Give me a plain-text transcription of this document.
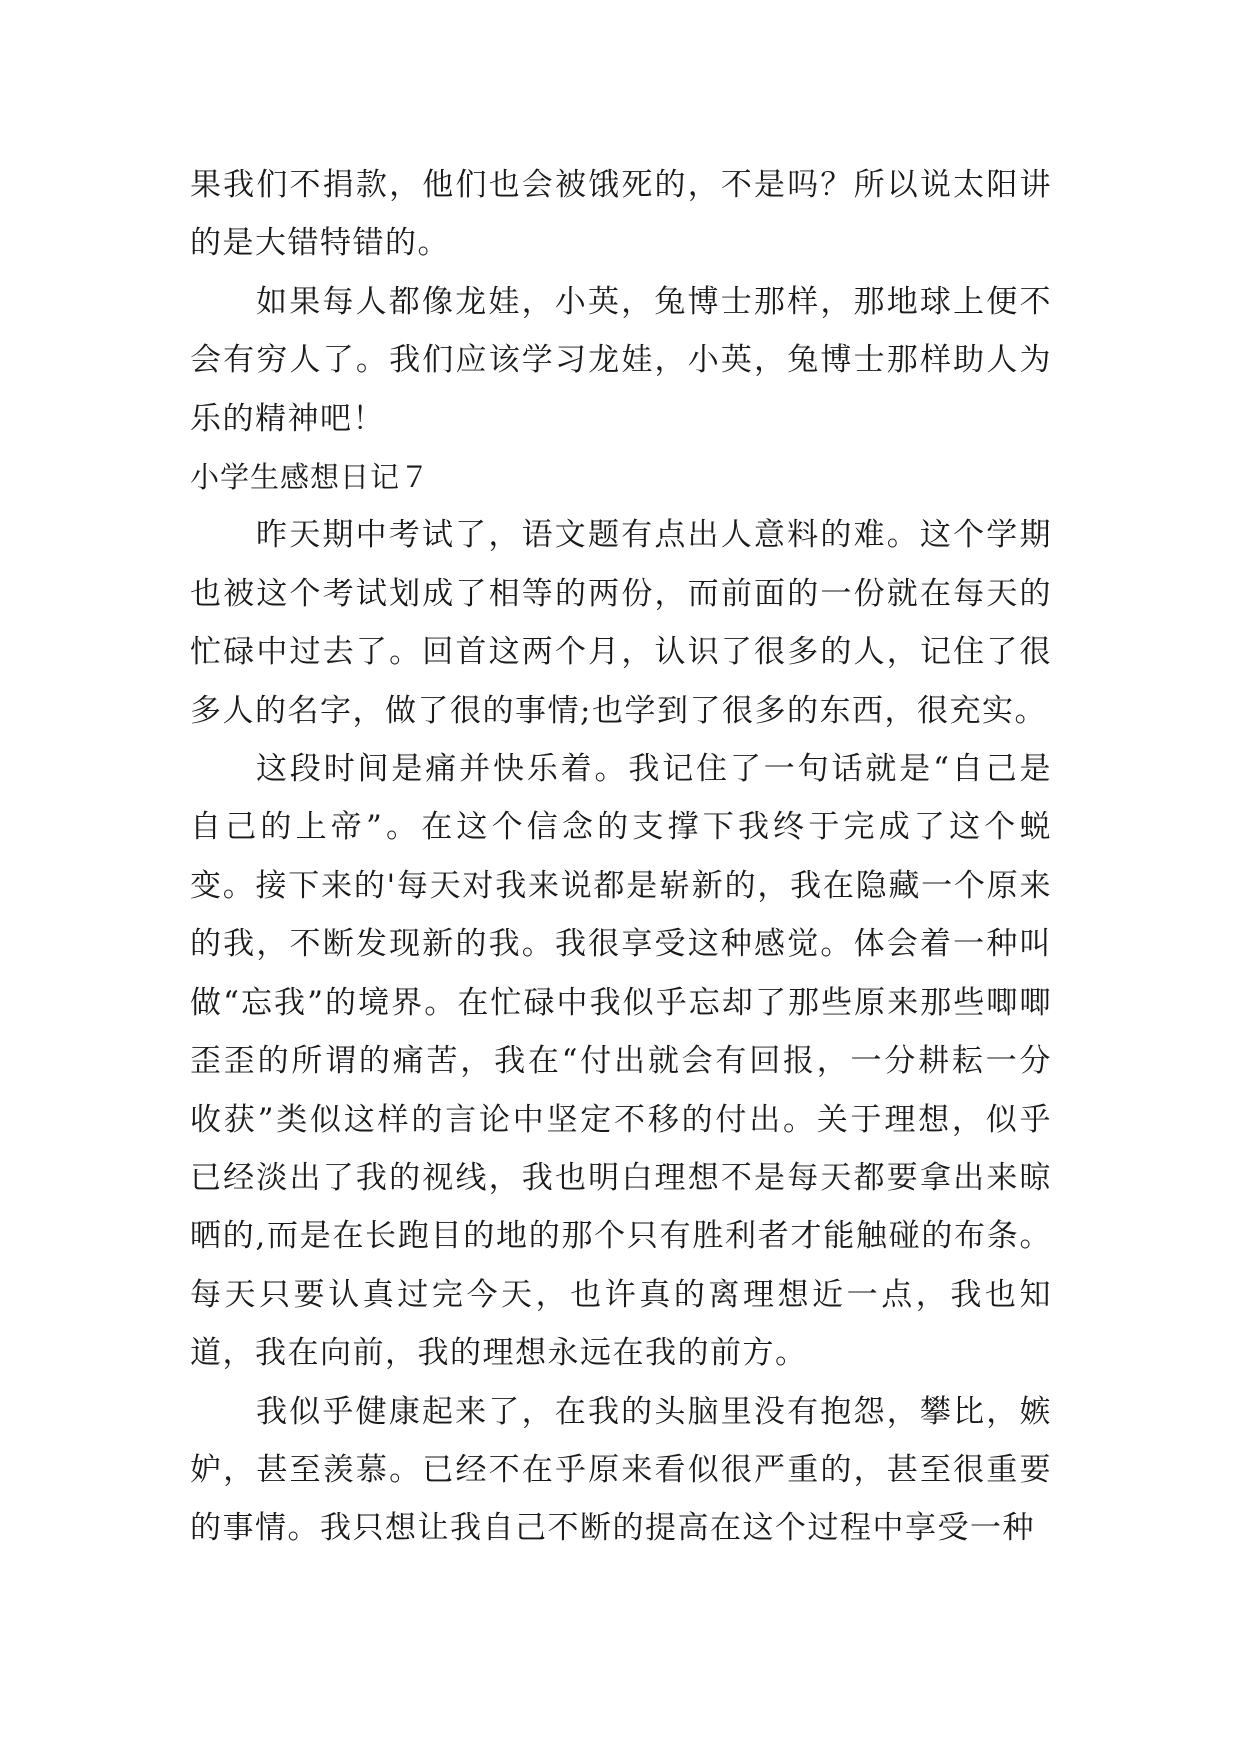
果我们不捐款，他们也会被饿死的，不是吗？所以说太阳讲的是大错特错的。

如果每人都像龙娃，小英，兔博士那样，那地球上便不会有穷人了。我们应该学习龙娃，小英，兔博士那样助人为乐的精神吧！

小学生感想日记７

昨天期中考试了，语文题有点出人意料的难。这个学期也被这个考试划成了相等的两份，而前面的一份就在每天的忙碌中过去了。回首这两个月，认识了很多的人，记住了很多人的名字，做了很的事情;也学到了很多的东西，很充实。

这段时间是痛并快乐着。我记住了一句话就是“自己是自己的上帝”。在这个信念的支撑下我终于完成了这个蜕变。接下来的'每天对我来说都是崭新的，我在隐藏一个原来的我，不断发现新的我。我很享受这种感觉。体会着一种叫做“忘我”的境界。在忙碌中我似乎忘却了那些原来那些唧唧歪歪的所谓的痛苦，我在“付出就会有回报，一分耕耘一分收获”类似这样的言论中坚定不移的付出。关于理想，似乎已经淡出了我的视线，我也明白理想不是每天都要拿出来晾晒的,而是在长跑目的地的那个只有胜利者才能触碰的布条。每天只要认真过完今天，也许真的离理想近一点，我也知道，我在向前，我的理想永远在我的前方。

我似乎健康起来了，在我的头脑里没有抱怨，攀比，嫉妒，甚至羡慕。已经不在乎原来看似很严重的，甚至很重要的事情。我只想让我自己不断的提高在这个过程中享受一种
